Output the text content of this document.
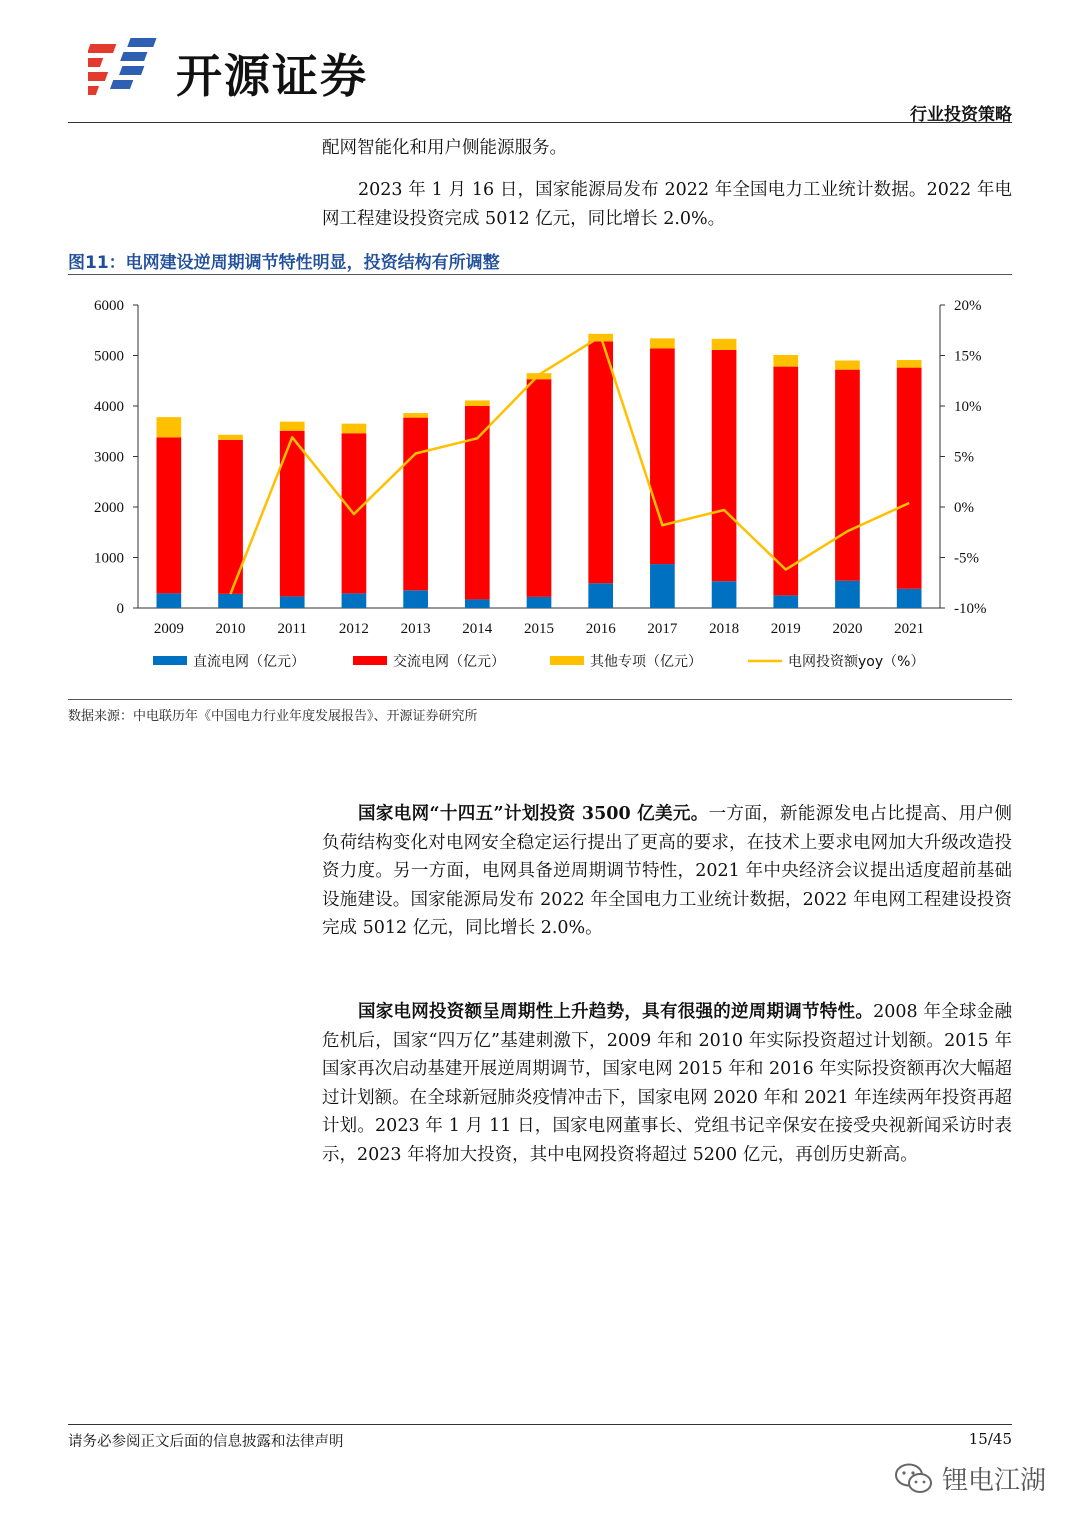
开源证券
行业投资策略
配网智能化和用户侧能源服务。
2023 年 1 月 16 日，国家能源局发布 2022 年全国电力工业统计数据。2022 年电网工程建设投资完成 5012 亿元，同比增长 2.0%。
图11：电网建设逆周期调节特性明显，投资结构有所调整
0
1000
2000
3000
4000
5000
6000
-10%
-5%
0%
5%
10%
15%
20%
2009 2010 2011 2012 2013 2014 2015 2016 2017 2018 2019 2020 2021
直流电网（亿元）	交流电网（亿元）	其他专项（亿元）	电网投资额yoy（%）
数据来源：中电联历年《中国电力行业年度发展报告》、开源证券研究所
国家电网“十四五”计划投资 3500 亿美元。一方面，新能源发电占比提高、用户侧负荷结构变化对电网安全稳定运行提出了更高的要求，在技术上要求电网加大升级改造投资力度。另一方面，电网具备逆周期调节特性，2021 年中央经济会议提出适度超前基础设施建设。国家能源局发布 2022 年全国电力工业统计数据，2022 年电网工程建设投资完成 5012 亿元，同比增长 2.0%。
国家电网投资额呈周期性上升趋势，具有很强的逆周期调节特性。2008 年全球金融危机后，国家“四万亿”基建刺激下，2009 年和 2010 年实际投资超过计划额。2015 年国家再次启动基建开展逆周期调节，国家电网 2015 年和 2016 年实际投资额再次大幅超过计划额。在全球新冠肺炎疫情冲击下，国家电网 2020 年和 2021 年连续两年投资再超计划。2023 年 1 月 11 日，国家电网董事长、党组书记辛保安在接受央视新闻采访时表示，2023 年将加大投资，其中电网投资将超过 5200 亿元，再创历史新高。
请务必参阅正文后面的信息披露和法律声明	15/45
锂电江湖
